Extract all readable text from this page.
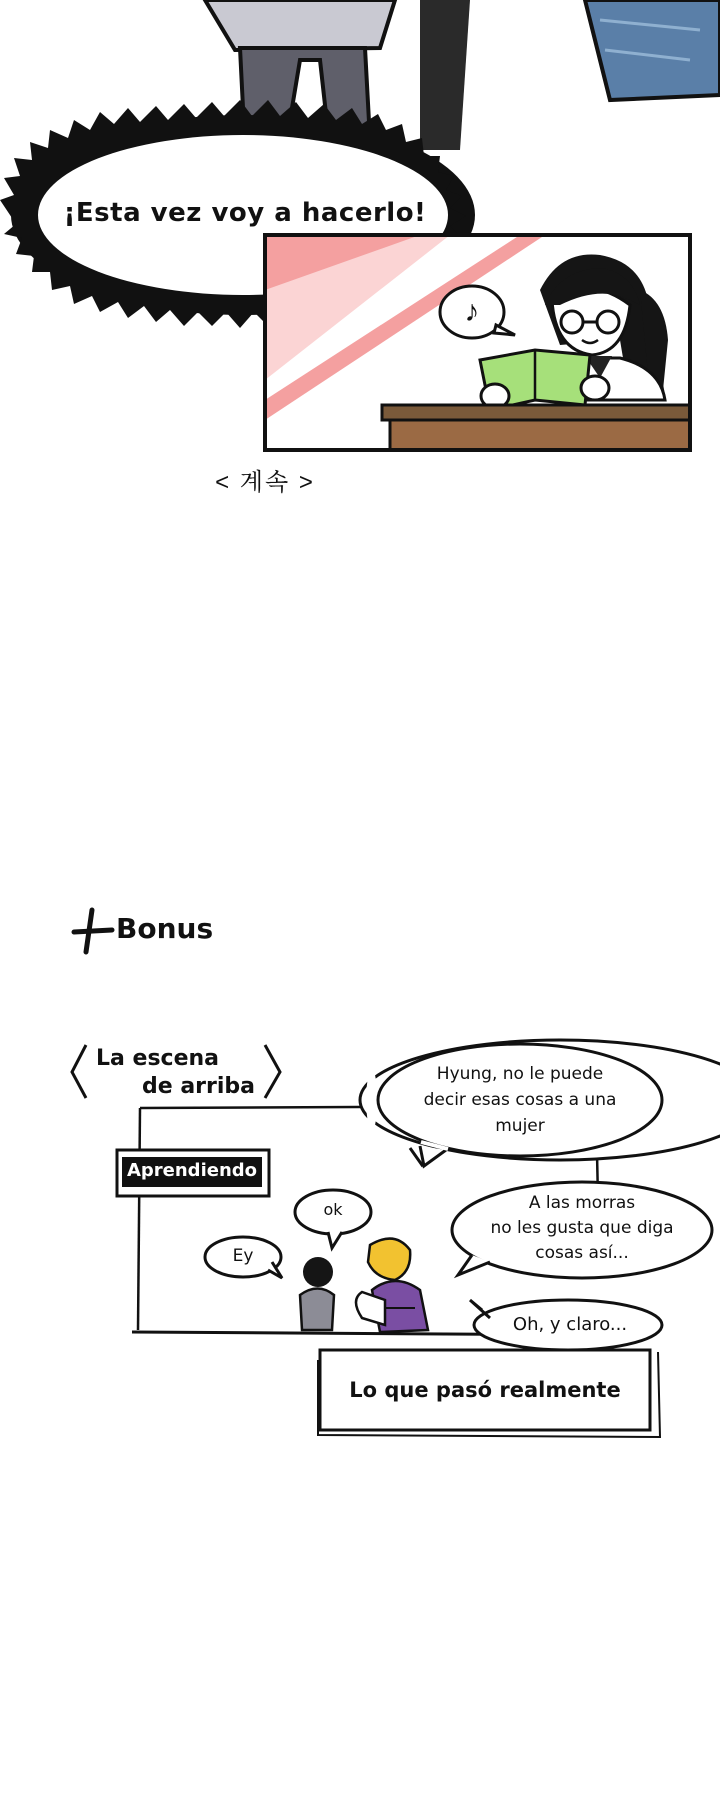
¡Esta vez voy a hacerlo!
♪
< 계속 >
Bonus
La escena
de arriba
Aprendiendo
ok
Ey
Hyung, no le puede
decir esas cosas a una
mujer
A las morras
no les gusta que diga
cosas así...
Oh, y claro...
Lo que pasó realmente
